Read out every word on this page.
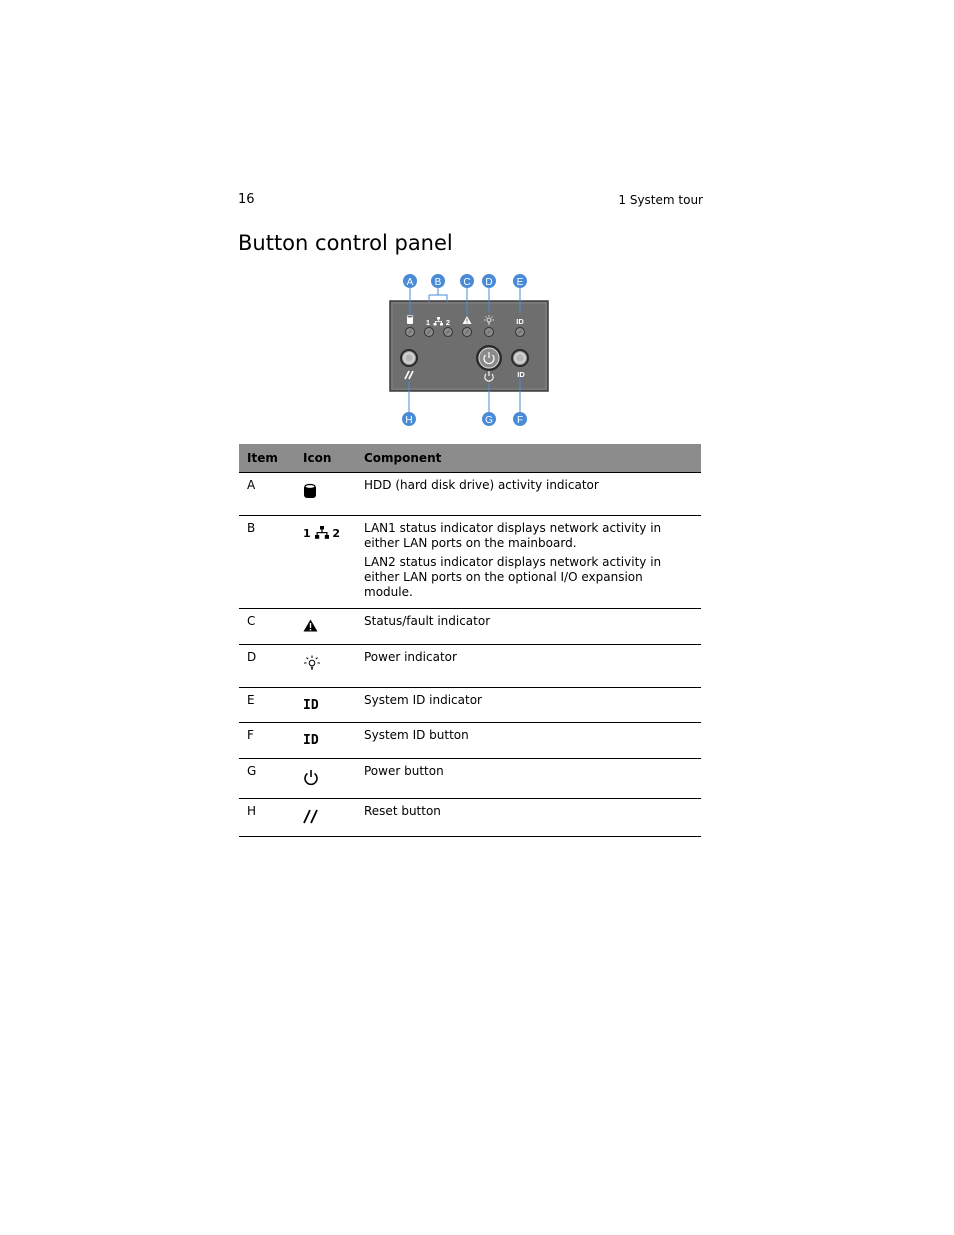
16	1 System tour
Button control panel
A B C D E
H	G F
1 2	ID
ID
Item	Icon	Component
A		HDD (hard disk drive) activity indicator

B	1 2	LAN1 status indicator displays network activity in either LAN ports on the mainboard.

LAN2 status indicator displays network activity in either LAN ports on the optional I/O expansion module.

C		Status/fault indicator

D		Power indicator

E	ID	System ID indicator

F	ID	System ID button

G		Power button

H		Reset button
